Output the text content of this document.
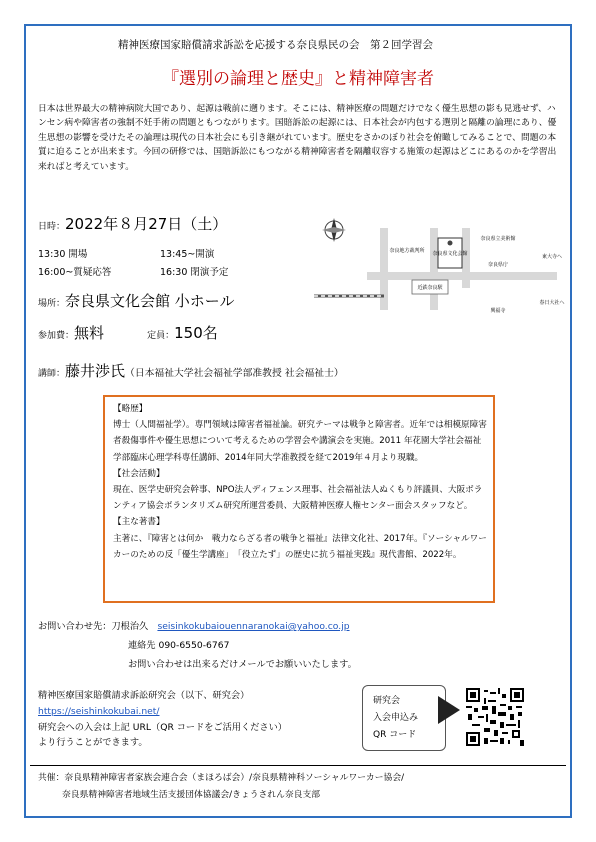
精神医療国家賠償請求訴訟を応援する奈良県民の会　第２回学習会
『選別の論理と歴史』と精神障害者
日本は世界最大の精神病院大国であり、起源は戦前に遡ります。そこには、精神医療の問題だけでなく優生思想の影も見逃せず、ハンセン病や障害者の強制不妊手術の問題ともつながります。国賠訴訟の起源には、日本社会が内包する選別と隔離の論理にあり、優生思想の影響を受けたその論理は現代の日本社会にも引き継がれています。歴史をさかのぼり社会を俯瞰してみることで、問題の本質に迫ることが出来ます。今回の研修では、国賠訴訟にもつながる精神障害者を隔離収容する施策の起源はどこにあるのかを学習出来ればと考えています。
日時：2022年８月27日（土）
13:30 開場	13:45~開演
16:00~質疑応答	16:30 閉演予定
場所：奈良県文化会館 小ホール
参加費：無料	定員：150名
講師：藤井渉氏（日本福祉大学社会福祉学部准教授 社会福祉士）
【略歴】
博士（人間福祉学）。専門領域は障害者福祉論。研究テーマは戦争と障害者。近年では相模原障害者殺傷事件や優生思想について考えるための学習会や講演会を実施。2011 年花園大学社会福祉学部臨床心理学科専任講師、2014年同大学准教授を経て2019年４月より現職。
【社会活動】
現在、医学史研究会幹事、NPO法人ディフェンス理事、社会福祉法人ぬくもり評議員、大阪ボランティア協会ボランタリズム研究所運営委員、大阪精神医療人権センター面会スタッフなど。
【主な著書】
主著に、『障害とは何か　戦力ならざる者の戦争と福祉』法律文化社、2017年。『ソーシャルワーカーのための反「優生学講座」　「役立たず」の歴史に抗う福祉実践』現代書館、2022年。
近鉄奈良駅
奈良県文化会館
奈良地方裁判所
奈良県立美術館
奈良県庁
興福寺
東大寺へ
春日大社へ
お問い合わせ先：刀根治久　 seisinkokubaiouennaranokai@yahoo.co.jp
連絡先 090-6550-6767
お問い合わせは出来るだけメールでお願いいたします。
精神医療国家賠償請求訴訟研究会（以下、研究会）
https://seishinkokubai.net/
研究会への入会は上記 URL（QR コードをご活用ください）
より行うことができます。
研究会
入会申込み
QR コード
共催：奈良県精神障害者家族会連合会（まほろば会）/奈良県精神科ソーシャルワーカー協会/
奈良県精神障害者地域生活支援団体協議会/きょうされん奈良支部
